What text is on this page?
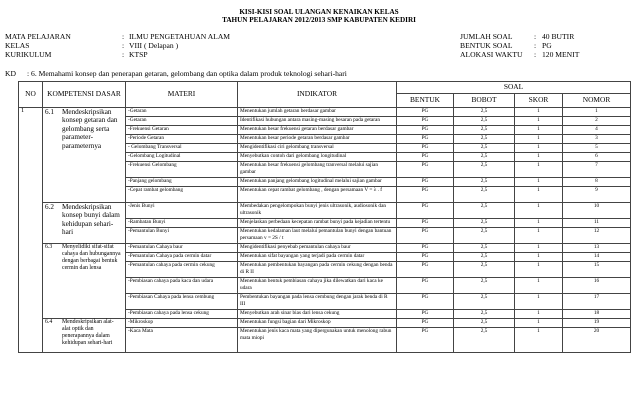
KISI-KISI SOAL ULANGAN KENAIKAN KELAS
TAHUN PELAJARAN 2012/2013 SMP KABUPATEN KEDIRI
MATA PELAJARAN	: ILMU PENGETAHUAN ALAM	JUMLAH SOAL	: 40 BUTIR
KELAS	: VIII ( Delapan )	BENTUK SOAL	: PG
KURIKULUM	: KTSP	ALOKASI WAKTU : 120 MENIT
KD : 6. Memahami konsep dan penerapan getaran, gelombang dan optika dalam produk teknologi sehari-hari
NO	KOMPETENSI DASAR	MATERI	INDIKATOR	SOAL			
				BENTUK	BOBOT	SKOR	NOMOR
1	6.1 Mendeskripsikan konsep getaran dan gelombang serta parameter-parameternya	-Getaran	Menentukan jumlah getaran berdasar gambar	PG	2,5	1	1
		-Getaran	Identifikasi hubungan antara masing-masing besaran pada getaran	PG	2,5	1	2
		-Frekuensi Getaran	Menentukan besar frekuensi getaran berdasar gambar	PG	2,5	1	4
		-Periode Getaran	Menentukan besar periode getaran berdasar gambar	PG	2,5	1	3
		- Gelombang Transversal	Mengidentifikasi ciri gelombang transversal	PG	2,5	1	5
		-Gelombang Logitudinal	Menyebutkan contoh dari gelombang longitudinal	PG	2,5	1	6
		-Frekuensi Gelombang	Menentukan besar frekuensi gelombang tranversal melalui sajian gambar	PG	2,5	1	7
		-Panjang gelombang	Menentukan panjang gelombang logitudinal melalui sajian gambar	PG	2,5	1	8
		-Cepat rambat gelombang	Menentukan cepat rambat gelombang , dengan persamaan V = λ . f	PG	2,5	1	9

	6.2 Mendeskripsikan konsep bunyi dalam kehidupan sehari-hari	-Jenis Bunyi	Membedakan pengelompokan bunyi jenis ultrasonik, audiosonik dan ultrasonik	PG	2,5	1	10
		-Rambatan Bunyi	Menjelaskan perbedaan kecepatan rambat bunyi pada kejadian tertentu	PG	2,5	1	11
		-Pemantulan Bunyi	Menentukan kedalaman laut melalui pemantulan bunyi dengan bantuan persamaan v = 2S / t	PG	2,5	1	12

	6.3 Menyelidiki sifat-sifat cahaya dan hubungannya dengan berbagai bentuk cermin dan lensa	-Pemantulan Cahaya baur	Mengidentifikasi penyebab pemantulan cahaya baur	PG	2,5	1	13
		-Pemantulan Cahaya pada cermin datar	Menentukan sifat bayangan yang terjadi pada cermin datar	PG	2,5	1	14
		-Pemantulan cahaya pada cermin cekung	Menentukan pembentukan bayangan pada cermin cekung dengan benda di R II	PG	2,5	1	15
		-Pembiasan cahaya pada kaca dan udara	Menentukan bentuk pembiasan cahaya jika dilewatkan dari kaca ke udara	PG	2,5	1	16
		-Pembiasan Cahaya pada lensa cembung	Pembentukan bayangan pada lensa cembung dengan jarak benda di R III	PG	2,5	1	17
		-Pembiasan cahaya pada lensa cekung	Menyebutkan arah sinar bias dari lensa cekung	PG	2,5	1	18

	6.4 Mendeskripsikan alat-alat optik dan penerapannya dalam kehidupan sehari-hari	-Mikroskop	Menentukan fungsi bagian dari Mikroskop	PG	2,5	1	19
		-Kaca Mata	Menentukan jenis kaca mata yang dipergunakan untuk menolong rabun mata miopi	PG	2,5	1	20
